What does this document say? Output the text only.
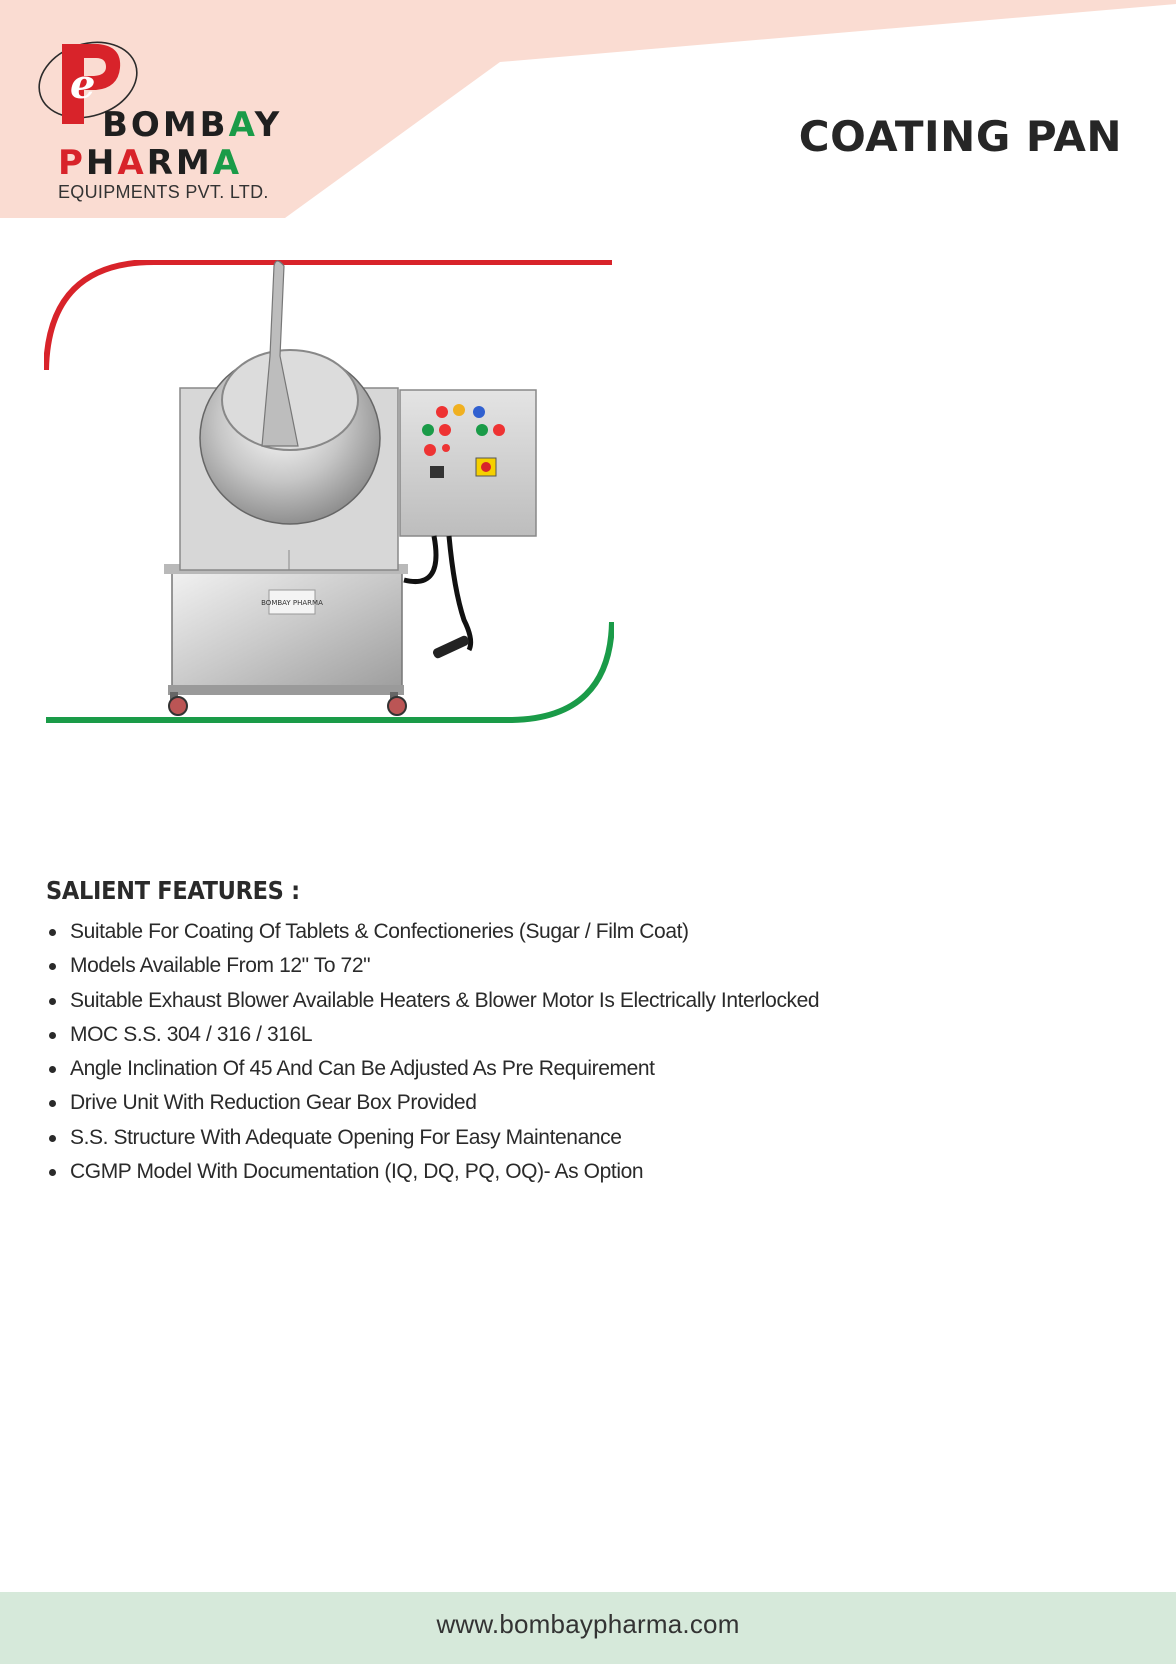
e
BOMBAY
PHARMA
EQUIPMENTS PVT. LTD.
COATING PAN
BOMBAY PHARMA
SALIENT FEATURES :
Suitable For Coating Of Tablets & Confectioneries (Sugar / Film Coat)
Models Available From 12" To 72"
Suitable Exhaust Blower Available Heaters & Blower Motor Is Electrically Interlocked
MOC S.S. 304 / 316 / 316L
Angle Inclination Of 45 And Can Be Adjusted As Pre Requirement
Drive Unit With Reduction Gear Box Provided
S.S. Structure With Adequate Opening For Easy Maintenance
CGMP Model With Documentation (IQ, DQ, PQ, OQ)- As Option
www.bombaypharma.com
